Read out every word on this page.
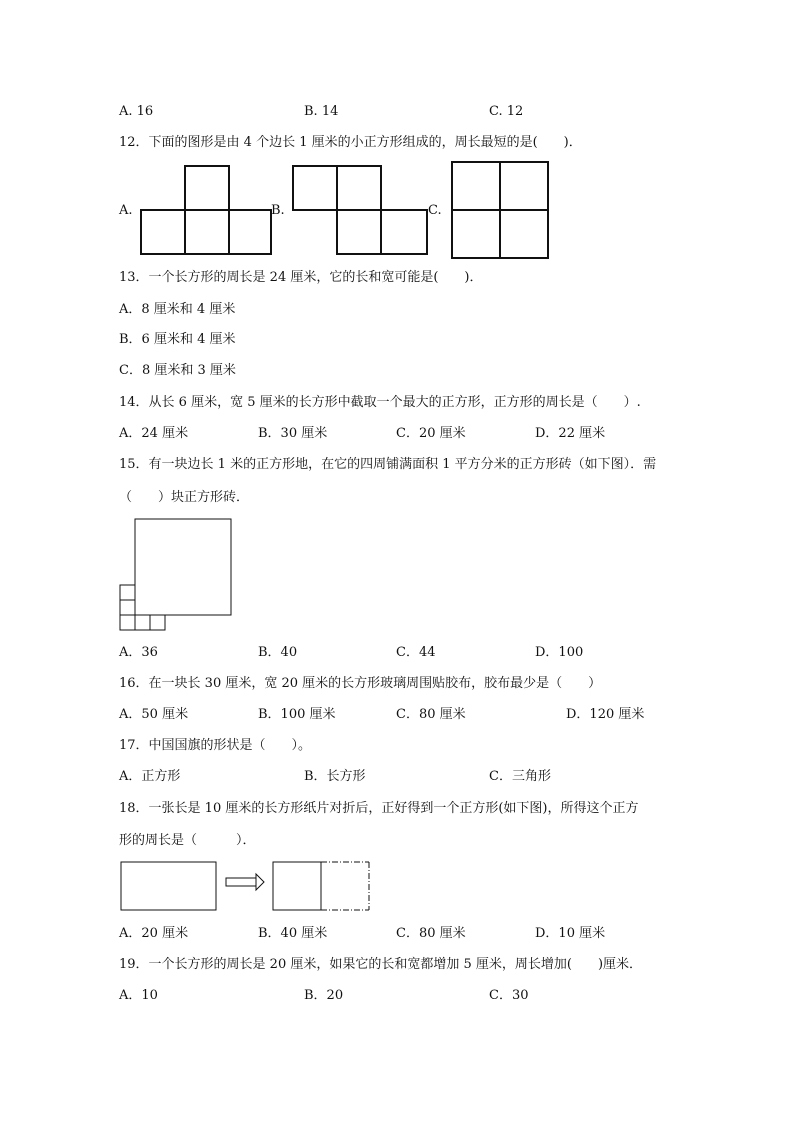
A. 16	B. 14	C. 12
12．下面的图形是由 4 个边长 1 厘米的小正方形组成的，周长最短的是(　　)．
A.	B.	C.
13．一个长方形的周长是 24 厘米，它的长和宽可能是(　　)．
A．8 厘米和 4 厘米
B．6 厘米和 4 厘米
C．8 厘米和 3 厘米
14．从长 6 厘米，宽 5 厘米的长方形中截取一个最大的正方形，正方形的周长是（　　）.
A．24 厘米	B．30 厘米	C．20 厘米	D．22 厘米
15．有一块边长 1 米的正方形地，在它的四周铺满面积 1 平方分米的正方形砖（如下图）．需
（　　）块正方形砖．
A．36	B．40	C．44	D．100
16．在一块长 30 厘米，宽 20 厘米的长方形玻璃周围贴胶布，胶布最少是（　　）
A．50 厘米	B．100 厘米	C．80 厘米	D．120 厘米
17．中国国旗的形状是（　　）。
A．正方形	B．长方形	C．三角形
18．一张长是 10 厘米的长方形纸片对折后，正好得到一个正方形(如下图)，所得这个正方
形的周长是（　　　）．
A．20 厘米	B．40 厘米	C．80 厘米	D．10 厘米
19．一个长方形的周长是 20 厘米，如果它的长和宽都增加 5 厘米，周长增加(　　)厘米．
A．10	B．20	C．30
